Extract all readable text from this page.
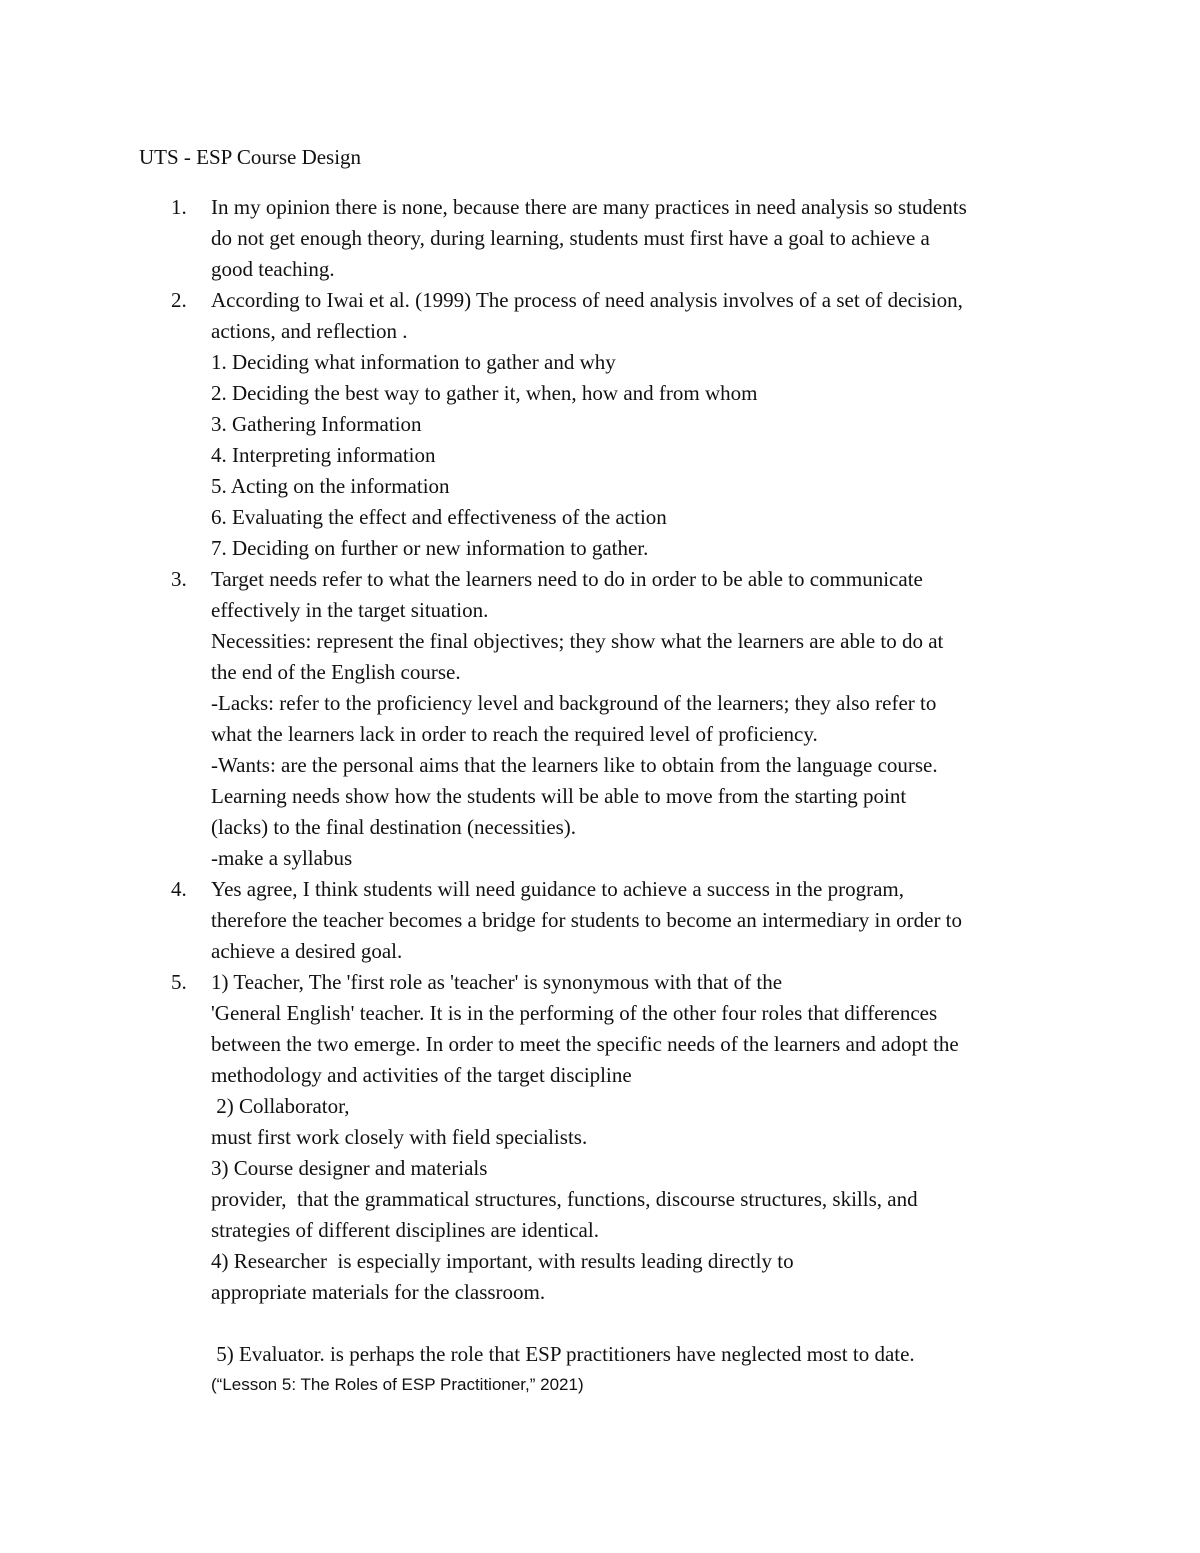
UTS - ESP Course Design
1. In my opinion there is none, because there are many practices in need analysis so students
do not get enough theory, during learning, students must first have a goal to achieve a
good teaching.
2. According to Iwai et al. (1999) The process of need analysis involves of a set of decision,
actions, and reflection .
1. Deciding what information to gather and why
2. Deciding the best way to gather it, when, how and from whom
3. Gathering Information
4. Interpreting information
5. Acting on the information
6. Evaluating the effect and effectiveness of the action
7. Deciding on further or new information to gather.
3. Target needs refer to what the learners need to do in order to be able to communicate
effectively in the target situation.
Necessities: represent the final objectives; they show what the learners are able to do at
the end of the English course.
-Lacks: refer to the proficiency level and background of the learners; they also refer to
what the learners lack in order to reach the required level of proficiency.
-Wants: are the personal aims that the learners like to obtain from the language course.
Learning needs show how the students will be able to move from the starting point
(lacks) to the final destination (necessities).
-make a syllabus
4. Yes agree, I think students will need guidance to achieve a success in the program,
therefore the teacher becomes a bridge for students to become an intermediary in order to
achieve a desired goal.
5. 1) Teacher, The 'first role as 'teacher' is synonymous with that of the
'General English' teacher. It is in the performing of the other four roles that differences
between the two emerge. In order to meet the specific needs of the learners and adopt the
methodology and activities of the target discipline
2) Collaborator,
must first work closely with field specialists.
3) Course designer and materials
provider,  that the grammatical structures, functions, discourse structures, skills, and
strategies of different disciplines are identical.
4) Researcher  is especially important, with results leading directly to
appropriate materials for the classroom.
5) Evaluator. is perhaps the role that ESP practitioners have neglected most to date.
(“Lesson 5: The Roles of ESP Practitioner,” 2021)
